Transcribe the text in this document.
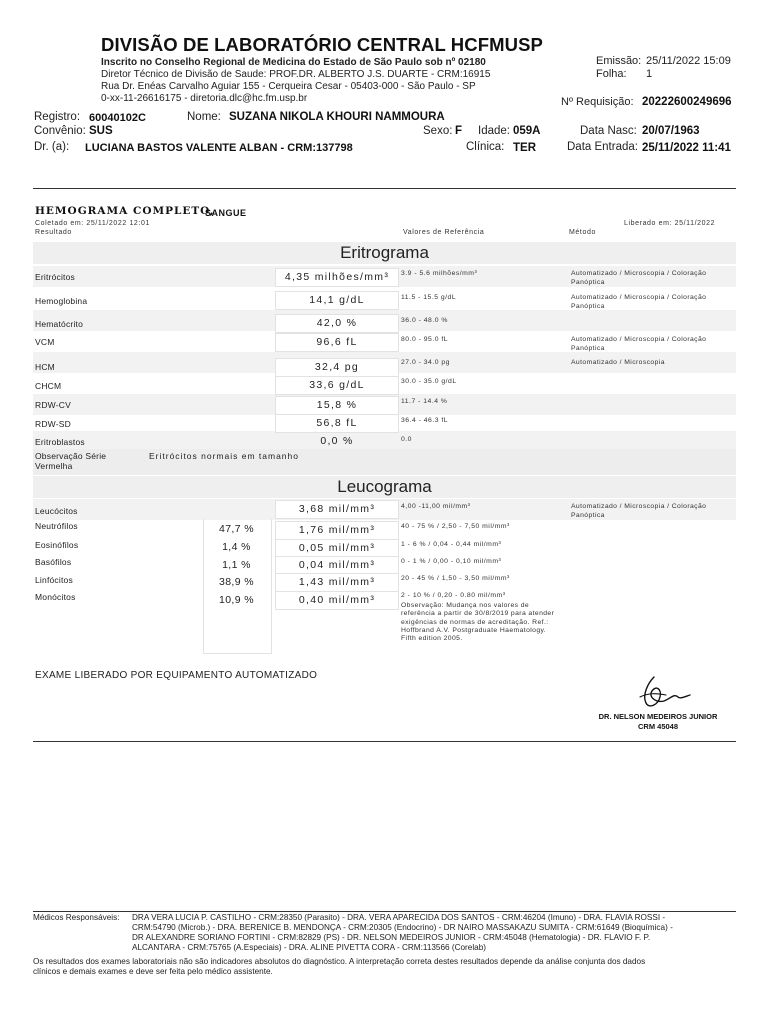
DIVISÃO DE LABORATÓRIO CENTRAL HCFMUSP
Inscrito no Conselho Regional de Medicina do Estado de São Paulo sob nº 02180
Diretor Técnico de Divisão de Saude: PROF.DR. ALBERTO J.S. DUARTE - CRM:16915
Rua Dr. Enéas Carvalho Aguiar 155 - Cerqueira Cesar - 05403-000 - São Paulo - SP
0-xx-11-26616175 - diretoria.dlc@hc.fm.usp.br
Emissão: 25/11/2022 15:09
Folha: 1
Nº Requisição: 20222600249696
Registro: 60040102C	Nome: SUZANA NIKOLA KHOURI NAMMOURA
Convênio: SUS	Sexo: F Idade: 059A	Data Nasc: 20/07/1963
Dr. (a): LUCIANA BASTOS VALENTE ALBAN - CRM:137798	Clínica: TER	Data Entrada: 25/11/2022 11:41
HEMOGRAMA COMPLETO,
SANGUE
Coletado em: 25/11/2022 12:01	Liberado em: 25/11/2022
Resultado	Valores de Referência	Método
Eritrograma
Eritrócitos	4,35 milhões/mm³	3.9 - 5.6 milhões/mm³	Automatizado / Microscopia / Coloração Panóptica
Hemoglobina	14,1 g/dL	11.5 - 15.5 g/dL	Automatizado / Microscopia / Coloração Panóptica
Hematócrito	42,0 %	36.0 - 48.0 %
VCM	96,6 fL	80.0 - 95.0 fL	Automatizado / Microscopia / Coloração Panóptica
HCM	32,4 pg	27.0 - 34.0 pg	Automatizado / Microscopia
CHCM	33,6 g/dL	30.0 - 35.0 g/dL
RDW-CV	15,8 %	11.7 - 14.4 %
RDW-SD	56,8 fL	36.4 - 46.3 fL
Eritroblastos	0,0 %	0.0
Observação Série Vermelha
Eritrócitos normais em tamanho
Leucograma
Leucócitos	3,68 mil/mm³	4,00 -11,00 mil/mm³	Automatizado / Microscopia / Coloração Panóptica
Neutrófilos	47,7 %	1,76 mil/mm³	40 - 75 % / 2,50 - 7,50 mil/mm³
Eosinófilos	1,4 %	0,05 mil/mm³	1 - 6 % / 0,04 - 0,44 mil/mm³
Basófilos	1,1 %	0,04 mil/mm³	0 - 1 % / 0,00 - 0,10 mil/mm³
Linfócitos	38,9 %	1,43 mil/mm³	20 - 45 % / 1,50 - 3,50 mil/mm³
Monócitos	10,9 %	0,40 mil/mm³	2 - 10 % / 0,20 - 0.80 mil/mm³
Observação: Mudança nos valores de referência a partir de 30/8/2019 para atender exigências de normas de acreditação. Ref.: Hoffbrand A.V. Postgraduate Haematology. Fifth edition 2005.
EXAME LIBERADO POR EQUIPAMENTO AUTOMATIZADO
DR. NELSON MEDEIROS JUNIOR
CRM 45048
Médicos Responsáveis: DRA VERA LUCIA P. CASTILHO - CRM:28350 (Parasito) - DRA. VERA APARECIDA DOS SANTOS - CRM:46204 (Imuno) - DRA. FLAVIA ROSSI -
CRM:54790 (Microb.) - DRA. BERENICE B. MENDONÇA - CRM:20305 (Endocrino) - DR NAIRO MASSAKAZU SUMITA - CRM:61649 (Bioquímica) -
DR ALEXANDRE SORIANO FORTINI - CRM:82829 (PS) - DR. NELSON MEDEIROS JUNIOR - CRM:45048 (Hematologia) - DR. FLAVIO F. P.
ALCANTARA - CRM:75765 (A.Especiais) - DRA. ALINE PIVETTA CORA - CRM:113566 (Corelab)
Os resultados dos exames laboratoriais não são indicadores absolutos do diagnóstico. A interpretação correta destes resultados depende da análise conjunta dos dados
clínicos e demais exames e deve ser feita pelo médico assistente.
